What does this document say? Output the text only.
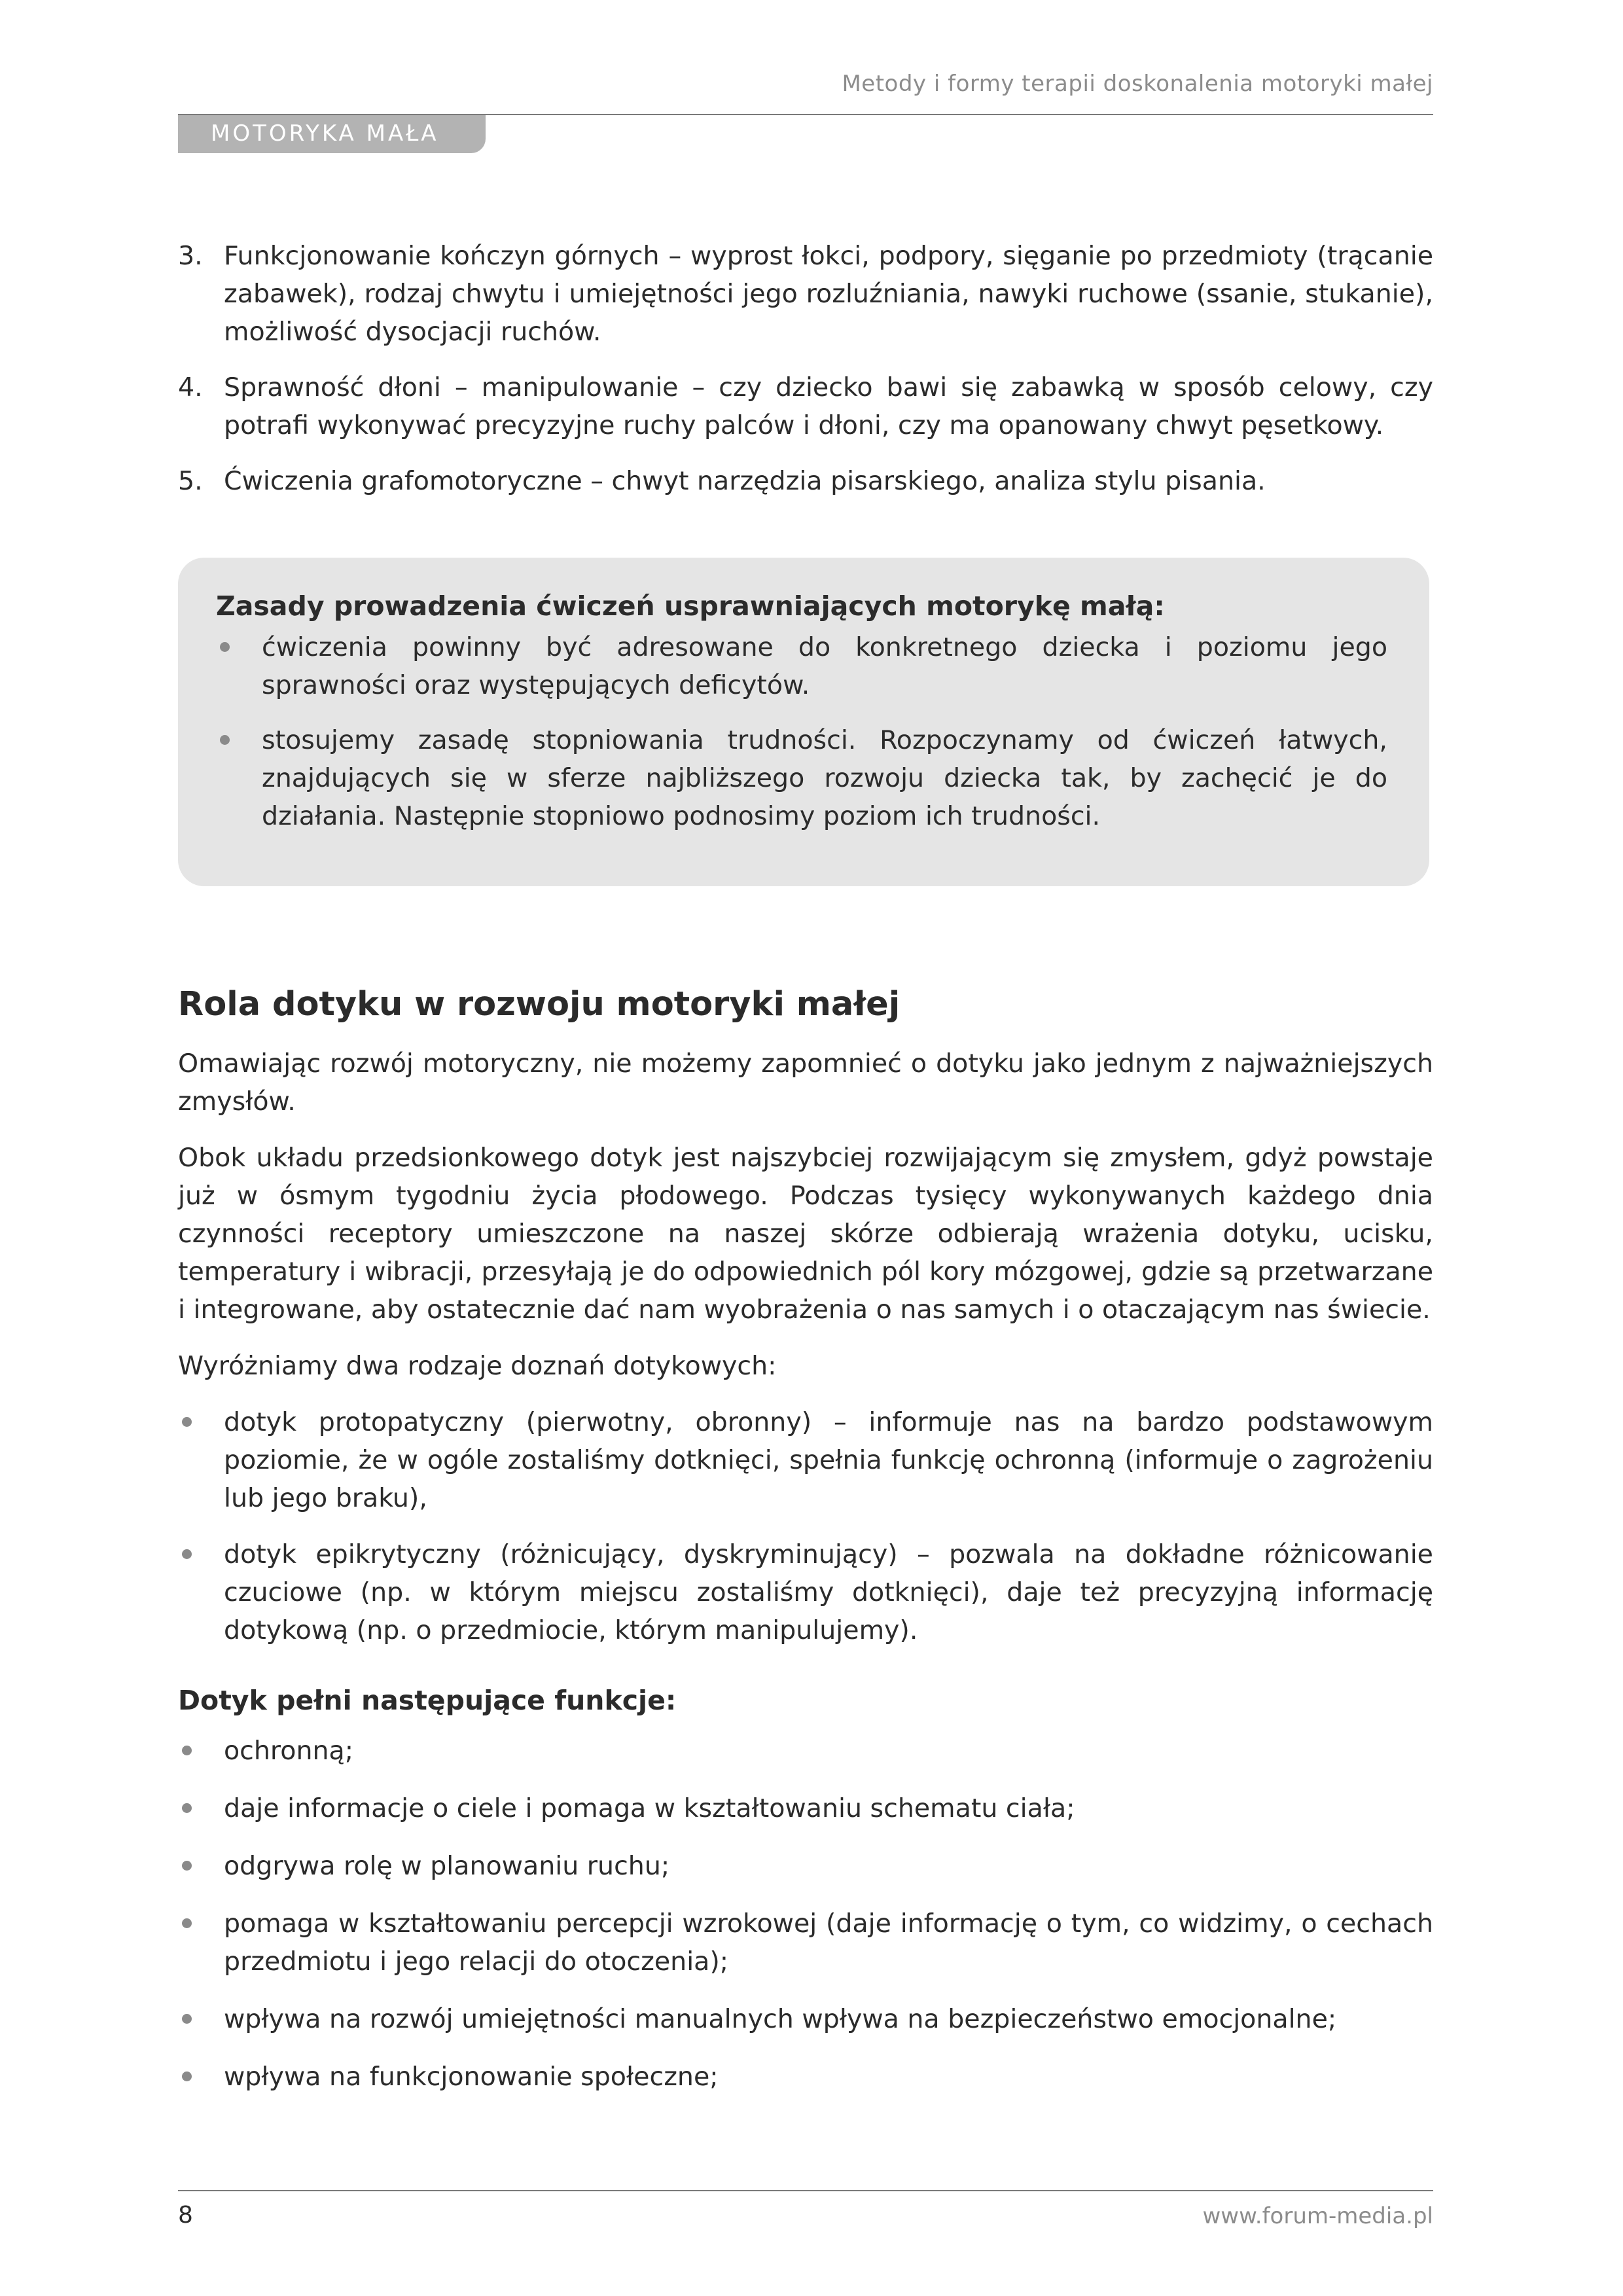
Metody i formy terapii doskonalenia motoryki małej
MOTORYKA MAŁA
3. Funkcjonowanie kończyn górnych – wyprost łokci, podpory, sięganie po przedmioty (trącanie zabawek), rodzaj chwytu i umiejętności jego rozluźniania, nawyki ruchowe (ssanie, stukanie), możliwość dysocjacji ruchów.

4. Sprawność dłoni – manipulowanie – czy dziecko bawi się zabawką w sposób celowy, czy potrafi wykonywać precyzyjne ruchy palców i dłoni, czy ma opanowany chwyt pęsetkowy.

5. Ćwiczenia grafomotoryczne – chwyt narzędzia pisarskiego, analiza stylu pisania.

Zasady prowadzenia ćwiczeń usprawniających motorykę małą:

ćwiczenia powinny być adresowane do konkretnego dziecka i poziomu jego sprawności oraz występujących deficytów.

stosujemy zasadę stopniowania trudności. Rozpoczynamy od ćwiczeń łatwych, znajdujących się w sferze najbliższego rozwoju dziecka tak, by zachęcić je do działania. Następnie stopniowo podnosimy poziom ich trudności.

Rola dotyku w rozwoju motoryki małej

Omawiając rozwój motoryczny, nie możemy zapomnieć o dotyku jako jednym z najważniejszych zmysłów.

Obok układu przedsionkowego dotyk jest najszybciej rozwijającym się zmysłem, gdyż powstaje już w ósmym tygodniu życia płodowego. Podczas tysięcy wykonywanych każdego dnia czynności receptory umieszczone na naszej skórze odbierają wrażenia dotyku, ucisku, temperatury i wibracji, przesyłają je do odpowiednich pól kory mózgowej, gdzie są przetwarzane i integrowane, aby ostatecznie dać nam wyobrażenia o nas samych i o otaczającym nas świecie.

Wyróżniamy dwa rodzaje doznań dotykowych:

dotyk protopatyczny (pierwotny, obronny) – informuje nas na bardzo podstawowym poziomie, że w ogóle zostaliśmy dotknięci, spełnia funkcję ochronną (informuje o zagrożeniu lub jego braku),

dotyk epikrytyczny (różnicujący, dyskryminujący) – pozwala na dokładne różnicowanie czuciowe (np. w którym miejscu zostaliśmy dotknięci), daje też precyzyjną informację dotykową (np. o przedmiocie, którym manipulujemy).

Dotyk pełni następujące funkcje:

ochronną;

daje informacje o ciele i pomaga w kształtowaniu schematu ciała;

odgrywa rolę w planowaniu ruchu;

pomaga w kształtowaniu percepcji wzrokowej (daje informację o tym, co widzimy, o cechach przedmiotu i jego relacji do otoczenia);

wpływa na rozwój umiejętności manualnych wpływa na bezpieczeństwo emocjonalne;

wpływa na funkcjonowanie społeczne;

8	www.forum-media.pl
